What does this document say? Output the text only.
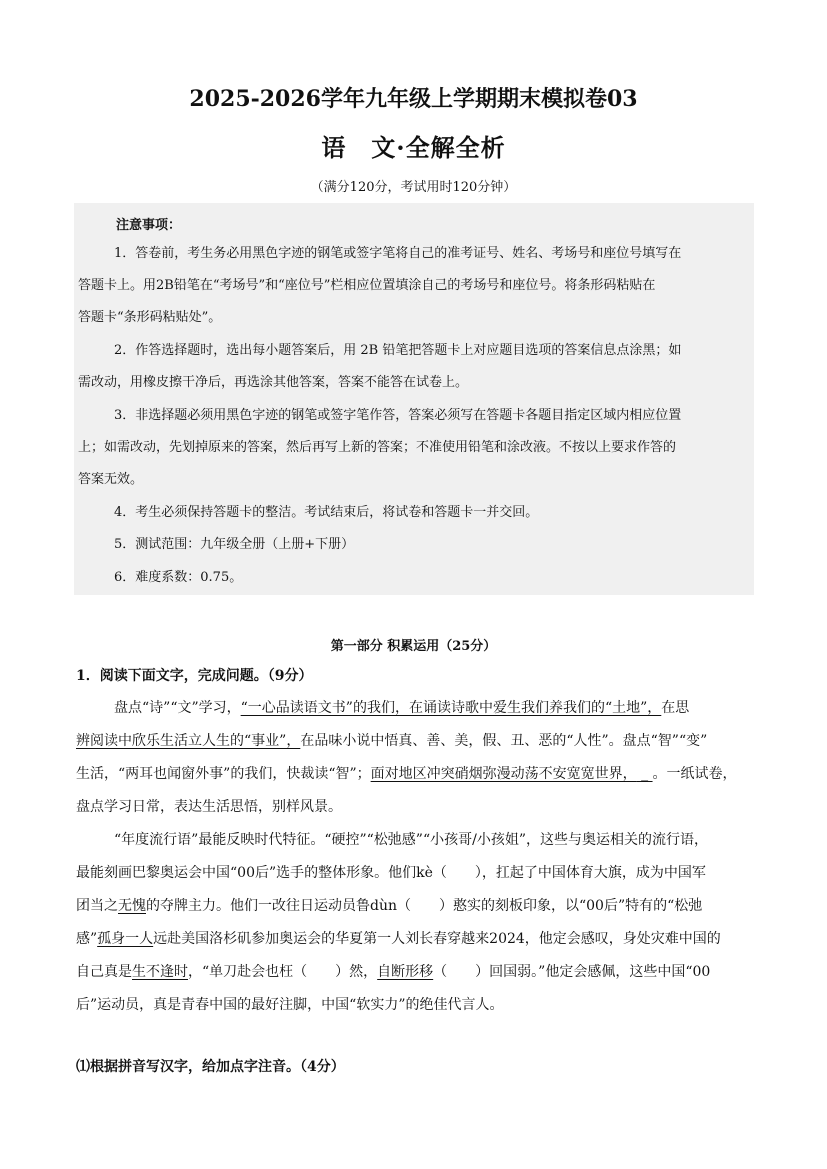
2025-2026学年九年级上学期期末模拟卷03
语　文·全解全析
（满分120分，考试用时120分钟）
注意事项：
1．答卷前，考生务必用黑色字迹的钢笔或签字笔将自己的准考证号、姓名、考场号和座位号填写在
答题卡上。用2B铅笔在“考场号”和“座位号”栏相应位置填涂自己的考场号和座位号。将条形码粘贴在
答题卡“条形码粘贴处”。
2．作答选择题时，选出每小题答案后，用 2B 铅笔把答题卡上对应题目选项的答案信息点涂黑；如
需改动，用橡皮擦干净后，再选涂其他答案，答案不能答在试卷上。
3．非选择题必须用黑色字迹的钢笔或签字笔作答，答案必须写在答题卡各题目指定区域内相应位置
上；如需改动，先划掉原来的答案，然后再写上新的答案；不准使用铅笔和涂改液。不按以上要求作答的
答案无效。
4．考生必须保持答题卡的整洁。考试结束后，将试卷和答题卡一并交回。
5．测试范围：九年级全册（上册+下册）
6．难度系数：0.75。
第一部分 积累运用（25分）
1．阅读下面文字，完成问题。（9分）
盘点“诗”“文”学习，“一心品读语文书”的我们，在诵读诗歌中爱生我们养我们的“土地”，在思
辨阅读中欣乐生活立人生的“事业”，在品味小说中悟真、善、美，假、丑、恶的“人性”。盘点“智”“变”
生活，“两耳也闻窗外事”的我们，快裁读“智”；面对地区冲突硝烟弥漫动荡不安宽宽世界， _ 。一纸试卷，
盘点学习日常，表达生活思悟，别样风景。
“年度流行语”最能反映时代特征。“硬控”“松弛感”“小孩哥/小孩姐”，这些与奥运相关的流行语，
最能刻画巴黎奥运会中国“00后”选手的整体形象。他们kè（　　），扛起了中国体育大旗，成为中国军
团当之无愧的夺牌主力。他们一改往日运动员鲁dùn（　　）憨实的刻板印象，以“00后”特有的“松弛
感”孤身一人远赴美国洛杉矶参加奥运会的华夏第一人刘长春穿越来2024，他定会感叹，身处灾难中国的
自己真是生不逢时，“单刀赴会也枉（　　）然，自断形移（　　）回国弱。”他定会感佩，这些中国“00
后”运动员，真是青春中国的最好注脚，中国“软实力”的绝佳代言人。
⑴根据拼音写汉字，给加点字注音。（4分）
